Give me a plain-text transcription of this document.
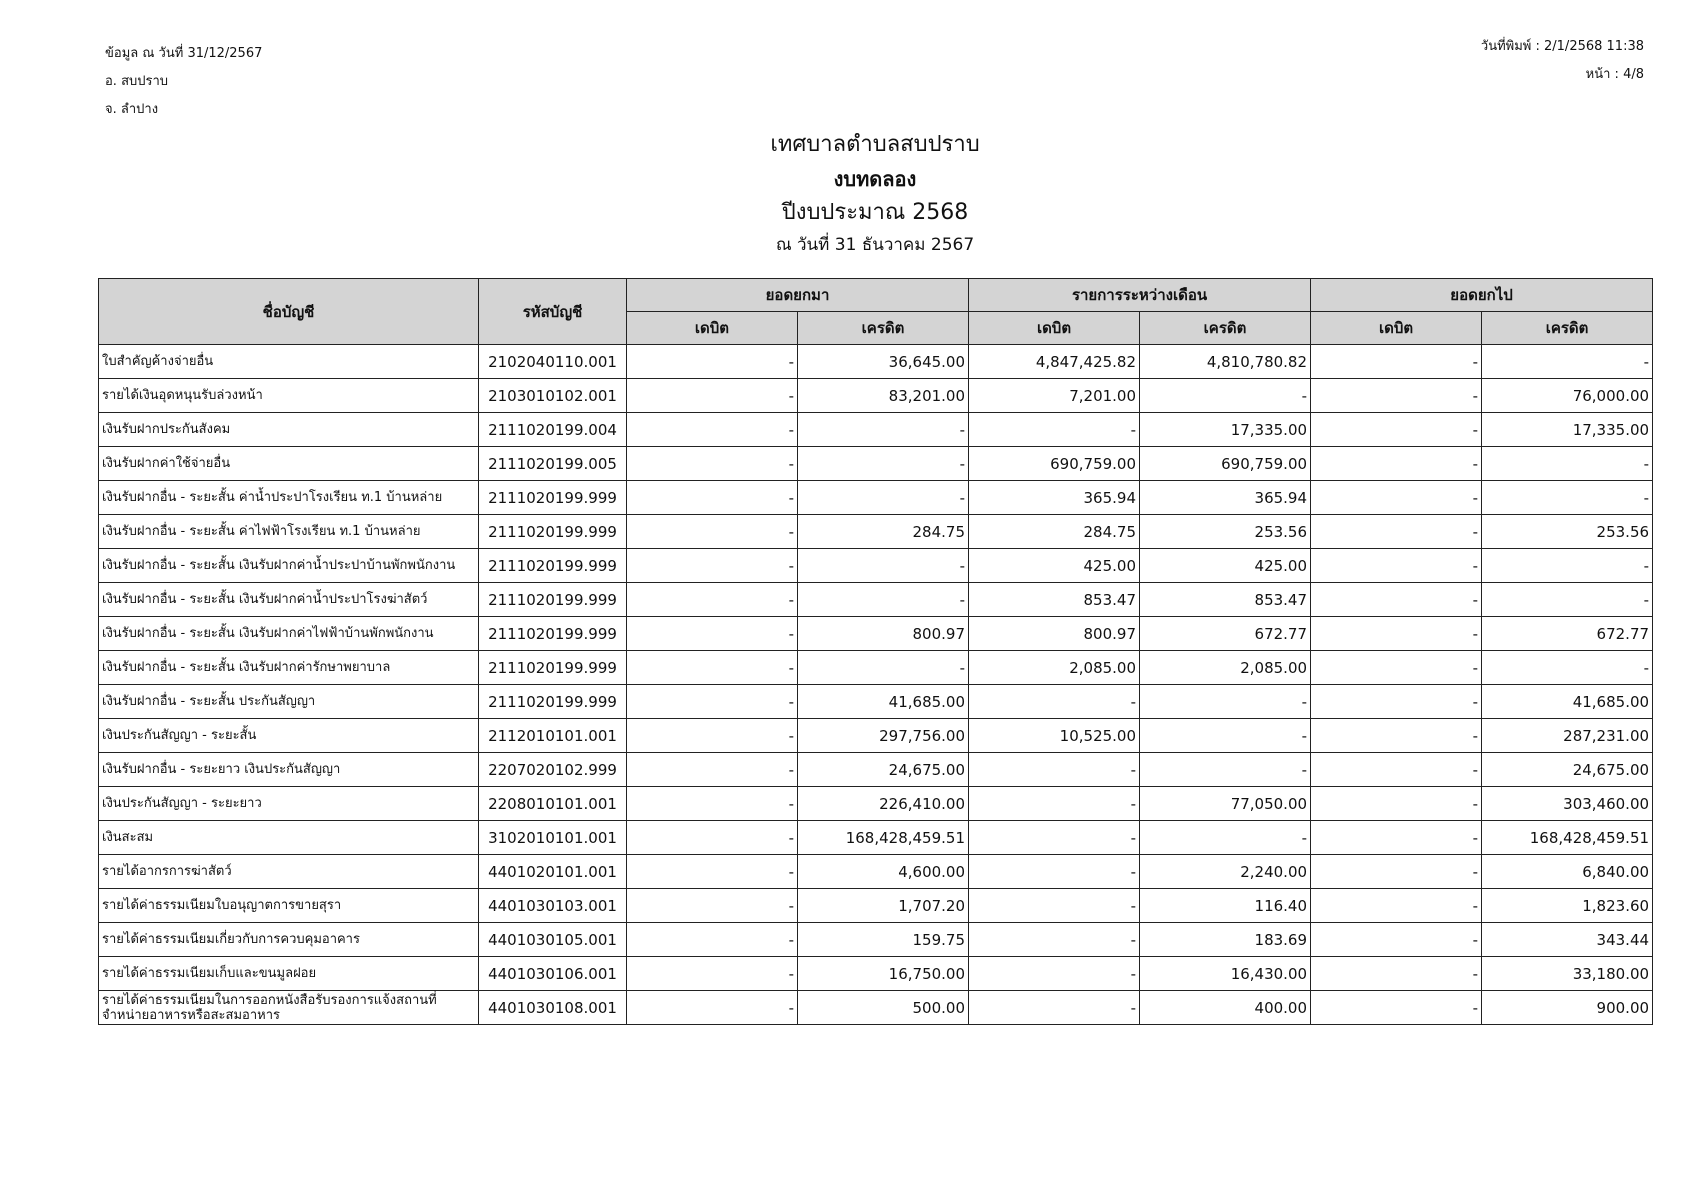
ข้อมูล ณ วันที่ 31/12/2567
อ. สบปราบ
จ. ลำปาง
วันที่พิมพ์ : 2/1/2568 11:38
หน้า : 4/8
เทศบาลตำบลสบปราบ
งบทดลอง
ปีงบประมาณ 2568
ณ วันที่ 31 ธันวาคม 2567
ชื่อบัญชี	รหัสบัญชี	ยอดยกมา		รายการระหว่างเดือน		ยอดยกไป	
		เดบิต	เครดิต	เดบิต	เครดิต	เดบิต	เครดิต
ใบสำคัญค้างจ่ายอื่น	2102040110.001	-	36,645.00	4,847,425.82	4,810,780.82	-	-
รายได้เงินอุดหนุนรับล่วงหน้า	2103010102.001	-	83,201.00	7,201.00	-	-	76,000.00
เงินรับฝากประกันสังคม	2111020199.004	-	-	-	17,335.00	-	17,335.00
เงินรับฝากค่าใช้จ่ายอื่น	2111020199.005	-	-	690,759.00	690,759.00	-	-
เงินรับฝากอื่น - ระยะสั้น ค่าน้ำประปาโรงเรียน ท.1 บ้านหล่าย	2111020199.999	-	-	365.94	365.94	-	-
เงินรับฝากอื่น - ระยะสั้น ค่าไฟฟ้าโรงเรียน ท.1 บ้านหล่าย	2111020199.999	-	284.75	284.75	253.56	-	253.56
เงินรับฝากอื่น - ระยะสั้น เงินรับฝากค่าน้ำประปาบ้านพักพนักงาน	2111020199.999	-	-	425.00	425.00	-	-
เงินรับฝากอื่น - ระยะสั้น เงินรับฝากค่าน้ำประปาโรงฆ่าสัตว์	2111020199.999	-	-	853.47	853.47	-	-
เงินรับฝากอื่น - ระยะสั้น เงินรับฝากค่าไฟฟ้าบ้านพักพนักงาน	2111020199.999	-	800.97	800.97	672.77	-	672.77
เงินรับฝากอื่น - ระยะสั้น เงินรับฝากค่ารักษาพยาบาล	2111020199.999	-	-	2,085.00	2,085.00	-	-
เงินรับฝากอื่น - ระยะสั้น ประกันสัญญา	2111020199.999	-	41,685.00	-	-	-	41,685.00
เงินประกันสัญญา - ระยะสั้น	2112010101.001	-	297,756.00	10,525.00	-	-	287,231.00
เงินรับฝากอื่น - ระยะยาว เงินประกันสัญญา	2207020102.999	-	24,675.00	-	-	-	24,675.00
เงินประกันสัญญา - ระยะยาว	2208010101.001	-	226,410.00	-	77,050.00	-	303,460.00
เงินสะสม	3102010101.001	-	168,428,459.51	-	-	-	168,428,459.51
รายได้อากรการฆ่าสัตว์	4401020101.001	-	4,600.00	-	2,240.00	-	6,840.00
รายได้ค่าธรรมเนียมใบอนุญาตการขายสุรา	4401030103.001	-	1,707.20	-	116.40	-	1,823.60
รายได้ค่าธรรมเนียมเกี่ยวกับการควบคุมอาคาร	4401030105.001	-	159.75	-	183.69	-	343.44
รายได้ค่าธรรมเนียมเก็บและขนมูลฝอย	4401030106.001	-	16,750.00	-	16,430.00	-	33,180.00
รายได้ค่าธรรมเนียมในการออกหนังสือรับรองการแจ้งสถานที่จำหน่ายอาหารหรือสะสมอาหาร	4401030108.001	-	500.00	-	400.00	-	900.00
